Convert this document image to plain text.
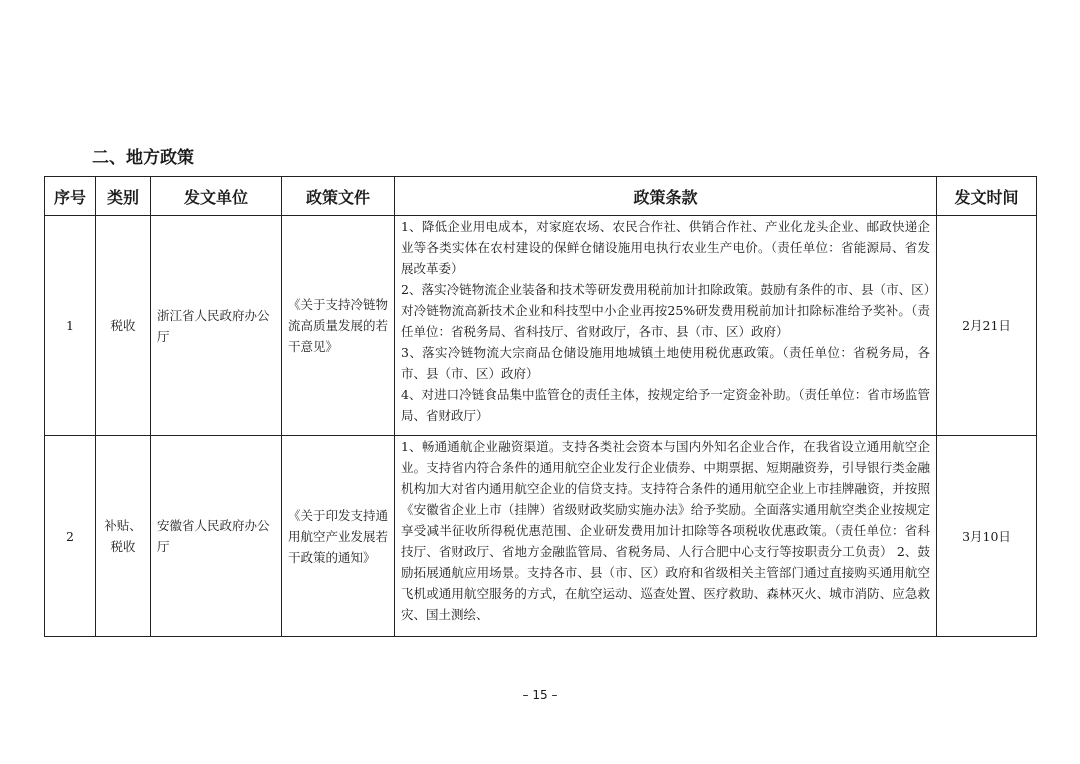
二、地方政策
序号	类别	发文单位	政策文件	政策条款	发文时间
1	税收	浙江省人民政府办公厅	《关于支持冷链物流高质量发展的若干意见》	1、降低企业用电成本，对家庭农场、农民合作社、供销合作社、产业化龙头企业、邮政快递企业等各类实体在农村建设的保鲜仓储设施用电执行农业生产电价。（责任单位：省能源局、省发展改革委）
2、落实冷链物流企业装备和技术等研发费用税前加计扣除政策。鼓励有条件的市、县（市、区）对冷链物流高新技术企业和科技型中小企业再按25%研发费用税前加计扣除标准给予奖补。（责任单位：省税务局、省科技厅、省财政厅，各市、县（市、区）政府）
3、落实冷链物流大宗商品仓储设施用地城镇土地使用税优惠政策。（责任单位：省税务局，各市、县（市、区）政府）
4、对进口冷链食品集中监管仓的责任主体，按规定给予一定资金补助。（责任单位：省市场监管局、省财政厅）	2月21日
2	补贴、税收	安徽省人民政府办公厅	《关于印发支持通用航空产业发展若干政策的通知》	1、畅通通航企业融资渠道。支持各类社会资本与国内外知名企业合作，在我省设立通用航空企业。支持省内符合条件的通用航空企业发行企业债券、中期票据、短期融资券，引导银行类金融机构加大对省内通用航空企业的信贷支持。支持符合条件的通用航空企业上市挂牌融资，并按照《安徽省企业上市（挂牌）省级财政奖励实施办法》给予奖励。全面落实通用航空类企业按规定享受减半征收所得税优惠范围、企业研发费用加计扣除等各项税收优惠政策。（责任单位：省科技厅、省财政厅、省地方金融监管局、省税务局、人行合肥中心支行等按职责分工负责） 2、鼓励拓展通航应用场景。支持各市、县（市、区）政府和省级相关主管部门通过直接购买通用航空飞机或通用航空服务的方式，在航空运动、巡查处置、医疗救助、森林灭火、城市消防、应急救灾、国土测绘、	3月10日
– 15 –
